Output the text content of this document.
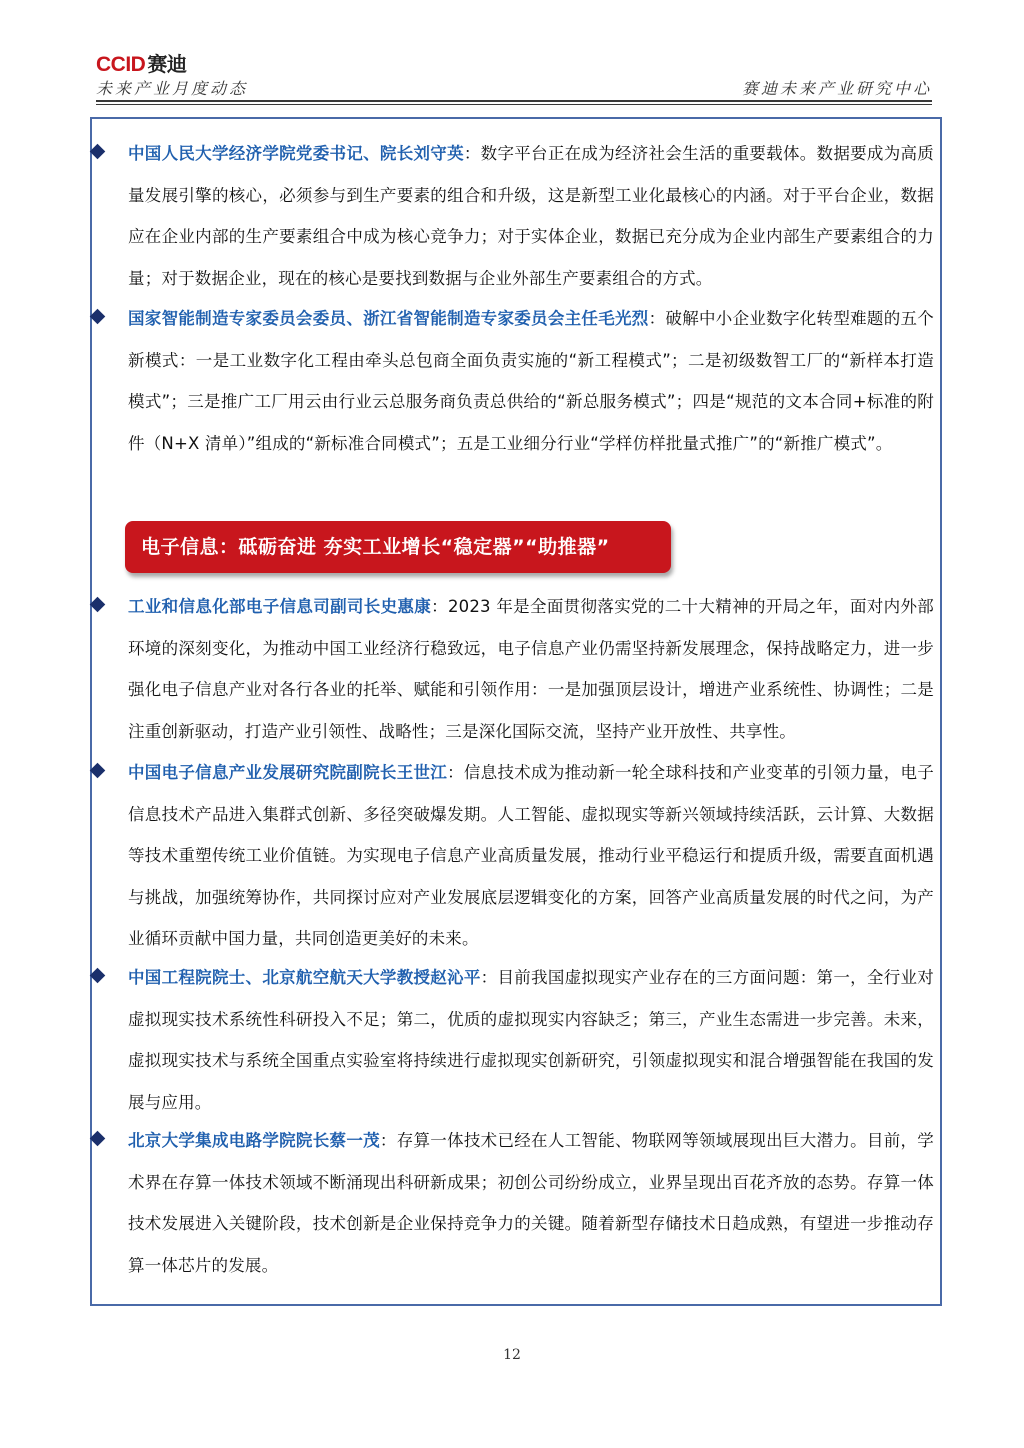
CCID 赛迪
未来产业月度动态	赛迪未来产业研究中心
中国人民大学经济学院党委书记、院长刘守英：数字平台正在成为经济社会生活的重要载体。数据要成为高质量发展引擎的核心，必须参与到生产要素的组合和升级，这是新型工业化最核心的内涵。对于平台企业，数据应在企业内部的生产要素组合中成为核心竞争力；对于实体企业，数据已充分成为企业内部生产要素组合的力量；对于数据企业，现在的核心是要找到数据与企业外部生产要素组合的方式。
国家智能制造专家委员会委员、浙江省智能制造专家委员会主任毛光烈：破解中小企业数字化转型难题的五个新模式：一是工业数字化工程由牵头总包商全面负责实施的“新工程模式”；二是初级数智工厂的“新样本打造模式”；三是推广工厂用云由行业云总服务商负责总供给的“新总服务模式”；四是“规范的文本合同+标准的附件（N+X 清单）”组成的“新标准合同模式”；五是工业细分行业“学样仿样批量式推广”的“新推广模式”。
电子信息：砥砺奋进 夯实工业增长“稳定器”“助推器”
工业和信息化部电子信息司副司长史惠康：2023 年是全面贯彻落实党的二十大精神的开局之年，面对内外部环境的深刻变化，为推动中国工业经济行稳致远，电子信息产业仍需坚持新发展理念，保持战略定力，进一步强化电子信息产业对各行各业的托举、赋能和引领作用：一是加强顶层设计，增进产业系统性、协调性；二是注重创新驱动，打造产业引领性、战略性；三是深化国际交流，坚持产业开放性、共享性。
中国电子信息产业发展研究院副院长王世江：信息技术成为推动新一轮全球科技和产业变革的引领力量，电子信息技术产品进入集群式创新、多径突破爆发期。人工智能、虚拟现实等新兴领域持续活跃，云计算、大数据等技术重塑传统工业价值链。为实现电子信息产业高质量发展，推动行业平稳运行和提质升级，需要直面机遇与挑战，加强统筹协作，共同探讨应对产业发展底层逻辑变化的方案，回答产业高质量发展的时代之问，为产业循环贡献中国力量，共同创造更美好的未来。
中国工程院院士、北京航空航天大学教授赵沁平：目前我国虚拟现实产业存在的三方面问题：第一，全行业对虚拟现实技术系统性科研投入不足；第二，优质的虚拟现实内容缺乏；第三，产业生态需进一步完善。未来，虚拟现实技术与系统全国重点实验室将持续进行虚拟现实创新研究，引领虚拟现实和混合增强智能在我国的发展与应用。
北京大学集成电路学院院长蔡一茂：存算一体技术已经在人工智能、物联网等领域展现出巨大潜力。目前，学术界在存算一体技术领域不断涌现出科研新成果；初创公司纷纷成立，业界呈现出百花齐放的态势。存算一体技术发展进入关键阶段，技术创新是企业保持竞争力的关键。随着新型存储技术日趋成熟，有望进一步推动存算一体芯片的发展。
12
